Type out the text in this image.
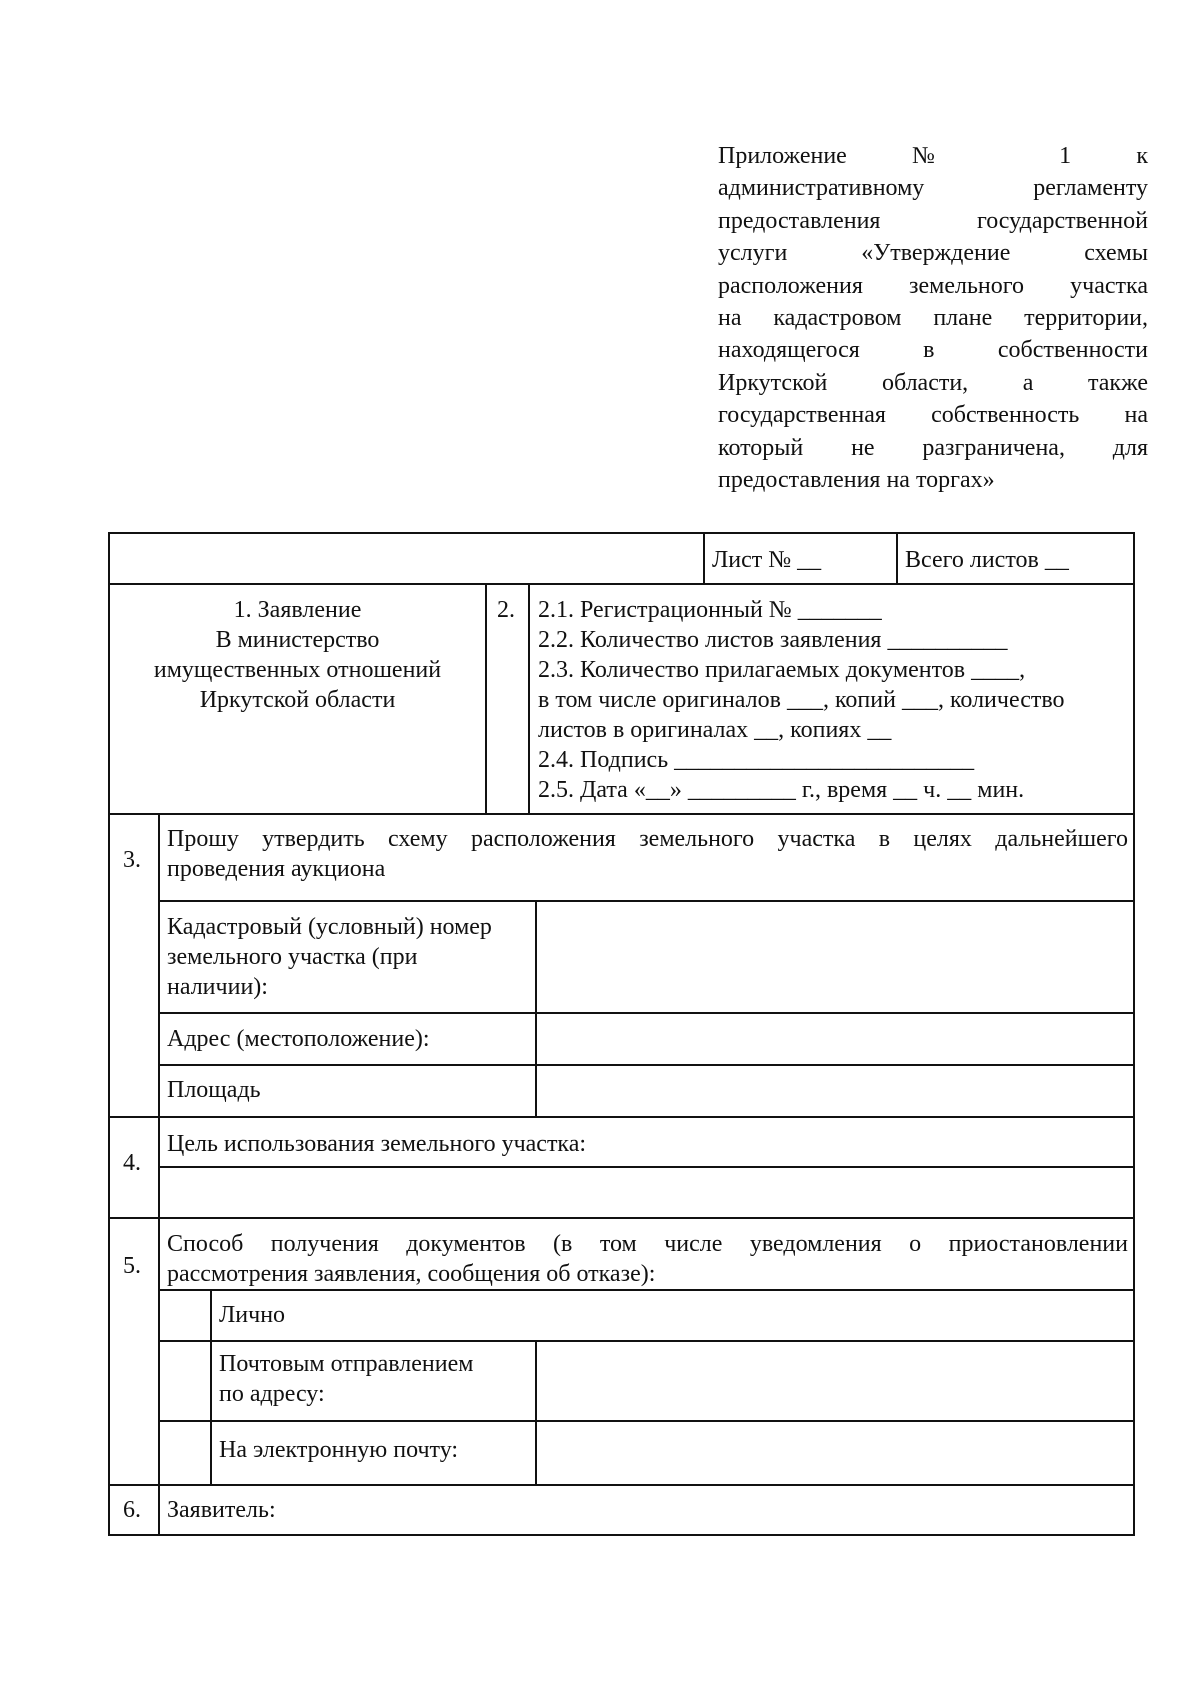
Приложение № 1 к
административному регламенту
предоставления государственной
услуги «Утверждение схемы
расположения земельного участка
на кадастровом плане территории,
находящегося в собственности
Иркутской области, а также
государственная собственность на
который не разграничена, для
предоставления на торгах»
Лист № __	Всего листов __
1. Заявление
В министерство
имущественных отношений
Иркутской области
2. 2.1. Регистрационный № _______
2.2. Количество листов заявления __________
2.3. Количество прилагаемых документов ____,
в том числе оригиналов ___, копий ___, количество
листов в оригиналах __, копиях __
2.4. Подпись _________________________
2.5. Дата «__» _________ г., время __ ч. __ мин.
3.
Прошу утвердить схему расположения земельного участка в целях дальнейшего
проведения аукциона
Кадастровый (условный) номер
земельного участка (при
наличии):
Адрес (местоположение):
Площадь
4.
Цель использования земельного участка:
5.
Способ получения документов (в том числе уведомления о приостановлении
рассмотрения заявления, сообщения об отказе):
Лично
Почтовым отправлением
по адресу:
На электронную почту:
6. Заявитель:
